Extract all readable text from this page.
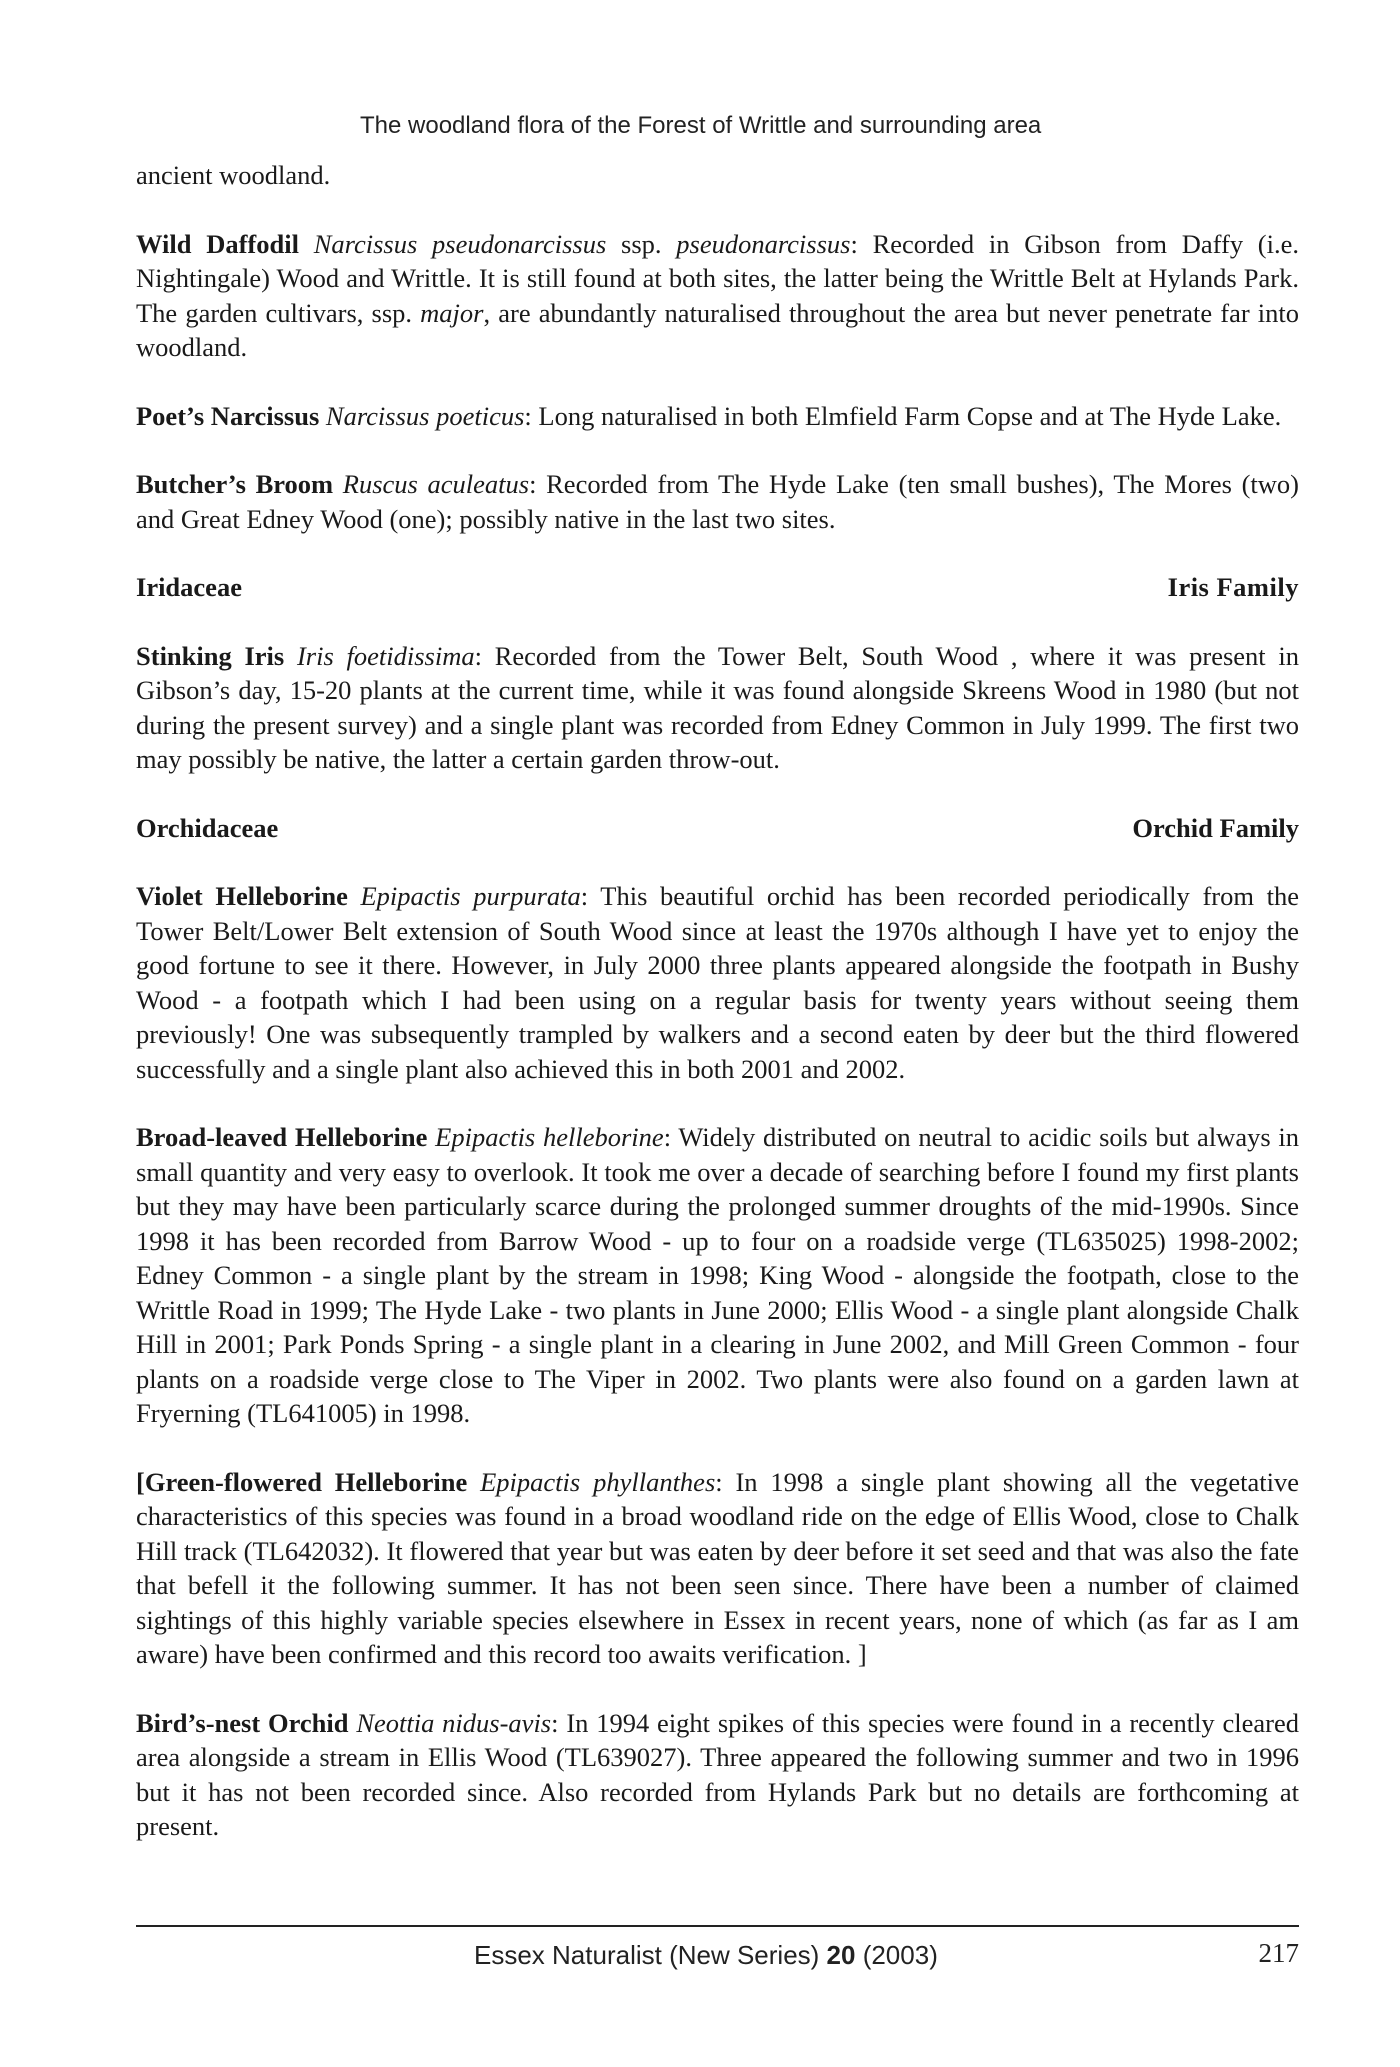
The woodland flora of the Forest of Writtle and surrounding area

ancient woodland.

Wild Daffodil Narcissus pseudonarcissus ssp. pseudonarcissus: Recorded in Gibson from Daffy (i.e. Nightingale) Wood and Writtle. It is still found at both sites, the latter being the Writtle Belt at Hylands Park. The garden cultivars, ssp. major, are abundantly naturalised throughout the area but never penetrate far into woodland.

Poet’s Narcissus Narcissus poeticus: Long naturalised in both Elmfield Farm Copse and at The Hyde Lake.

Butcher’s Broom Ruscus aculeatus: Recorded from The Hyde Lake (ten small bushes), The Mores (two) and Great Edney Wood (one); possibly native in the last two sites.

Iridaceae	Iris Family

Stinking Iris Iris foetidissima: Recorded from the Tower Belt, South Wood , where it was present in Gibson’s day, 15-20 plants at the current time, while it was found alongside Skreens Wood in 1980 (but not during the present survey) and a single plant was recorded from Edney Common in July 1999. The first two may possibly be native, the latter a certain garden throw-out.

Orchidaceae	Orchid Family

Violet Helleborine Epipactis purpurata: This beautiful orchid has been recorded periodically from the Tower Belt/Lower Belt extension of South Wood since at least the 1970s although I have yet to enjoy the good fortune to see it there. However, in July 2000 three plants appeared alongside the footpath in Bushy Wood - a footpath which I had been using on a regular basis for twenty years without seeing them previously! One was subsequently trampled by walkers and a second eaten by deer but the third flowered successfully and a single plant also achieved this in both 2001 and 2002.

Broad-leaved Helleborine Epipactis helleborine: Widely distributed on neutral to acidic soils but always in small quantity and very easy to overlook. It took me over a decade of searching before I found my first plants but they may have been particularly scarce during the prolonged summer droughts of the mid-1990s. Since 1998 it has been recorded from Barrow Wood - up to four on a roadside verge (TL635025) 1998-2002; Edney Common - a single plant by the stream in 1998; King Wood - alongside the footpath, close to the Writtle Road in 1999; The Hyde Lake - two plants in June 2000; Ellis Wood - a single plant alongside Chalk Hill in 2001; Park Ponds Spring - a single plant in a clearing in June 2002, and Mill Green Common - four plants on a roadside verge close to The Viper in 2002. Two plants were also found on a garden lawn at Fryerning (TL641005) in 1998.

[Green-flowered Helleborine Epipactis phyllanthes: In 1998 a single plant showing all the vegetative characteristics of this species was found in a broad woodland ride on the edge of Ellis Wood, close to Chalk Hill track (TL642032). It flowered that year but was eaten by deer before it set seed and that was also the fate that befell it the following summer. It has not been seen since. There have been a number of claimed sightings of this highly variable species elsewhere in Essex in recent years, none of which (as far as I am aware) have been confirmed and this record too awaits verification. ]

Bird’s-nest Orchid Neottia nidus-avis: In 1994 eight spikes of this species were found in a recently cleared area alongside a stream in Ellis Wood (TL639027). Three appeared the following summer and two in 1996 but it has not been recorded since. Also recorded from Hylands Park but no details are forthcoming at present.

Essex Naturalist (New Series) 20 (2003)	217
